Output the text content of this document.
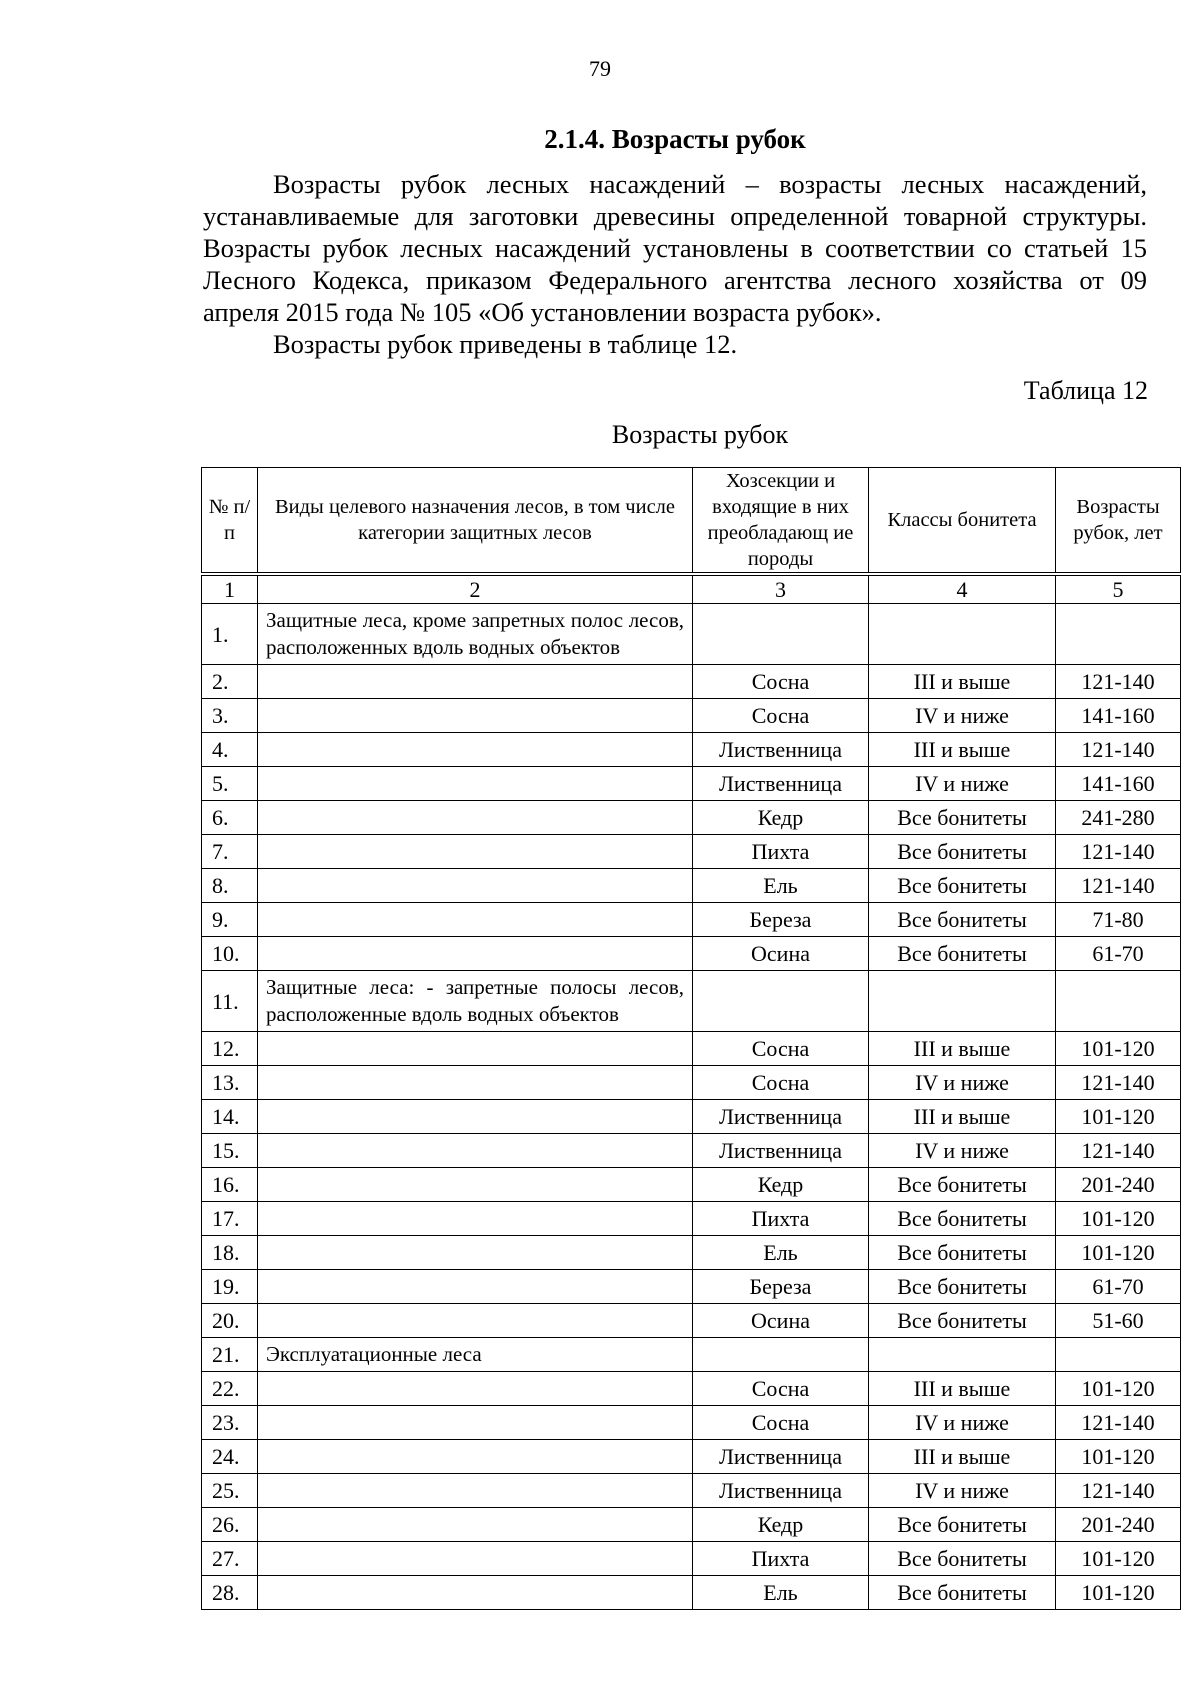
79
2.1.4. Возрасты рубок

Возрасты рубок лесных насаждений – возрасты лесных насаждений, устанавливаемые для заготовки древесины определенной товарной структуры. Возрасты рубок лесных насаждений установлены в соответствии со статьей 15 Лесного Кодекса, приказом Федерального агентства лесного хозяйства от 09 апреля 2015 года № 105 «Об установлении возраста рубок».

Возрасты рубок приведены в таблице 12.

Таблица 12
Возрасты рубок
№ п/п	Виды целевого назначения лесов, в том числе категории защитных лесов	Хозсекции и входящие в них преобладающ ие породы	Классы бонитета	Возрасты рубок, лет
1	2	3	4	5
1.	Защитные леса, кроме запретных полос лесов, расположенных вдоль водных объектов			
2.		Сосна	III и выше	121-140
3.		Сосна	IV и ниже	141-160
4.		Лиственница	III и выше	121-140
5.		Лиственница	IV и ниже	141-160
6.		Кедр	Все бонитеты	241-280
7.		Пихта	Все бонитеты	121-140
8.		Ель	Все бонитеты	121-140
9.		Береза	Все бонитеты	71-80
10.		Осина	Все бонитеты	61-70
11.	Защитные леса: - запретные полосы лесов, расположенные вдоль водных объектов			
12.		Сосна	III и выше	101-120
13.		Сосна	IV и ниже	121-140
14.		Лиственница	III и выше	101-120
15.		Лиственница	IV и ниже	121-140
16.		Кедр	Все бонитеты	201-240
17.		Пихта	Все бонитеты	101-120
18.		Ель	Все бонитеты	101-120
19.		Береза	Все бонитеты	61-70
20.		Осина	Все бонитеты	51-60
21.	Эксплуатационные леса			
22.		Сосна	III и выше	101-120
23.		Сосна	IV и ниже	121-140
24.		Лиственница	III и выше	101-120
25.		Лиственница	IV и ниже	121-140
26.		Кедр	Все бонитеты	201-240
27.		Пихта	Все бонитеты	101-120
28.		Ель	Все бонитеты	101-120
